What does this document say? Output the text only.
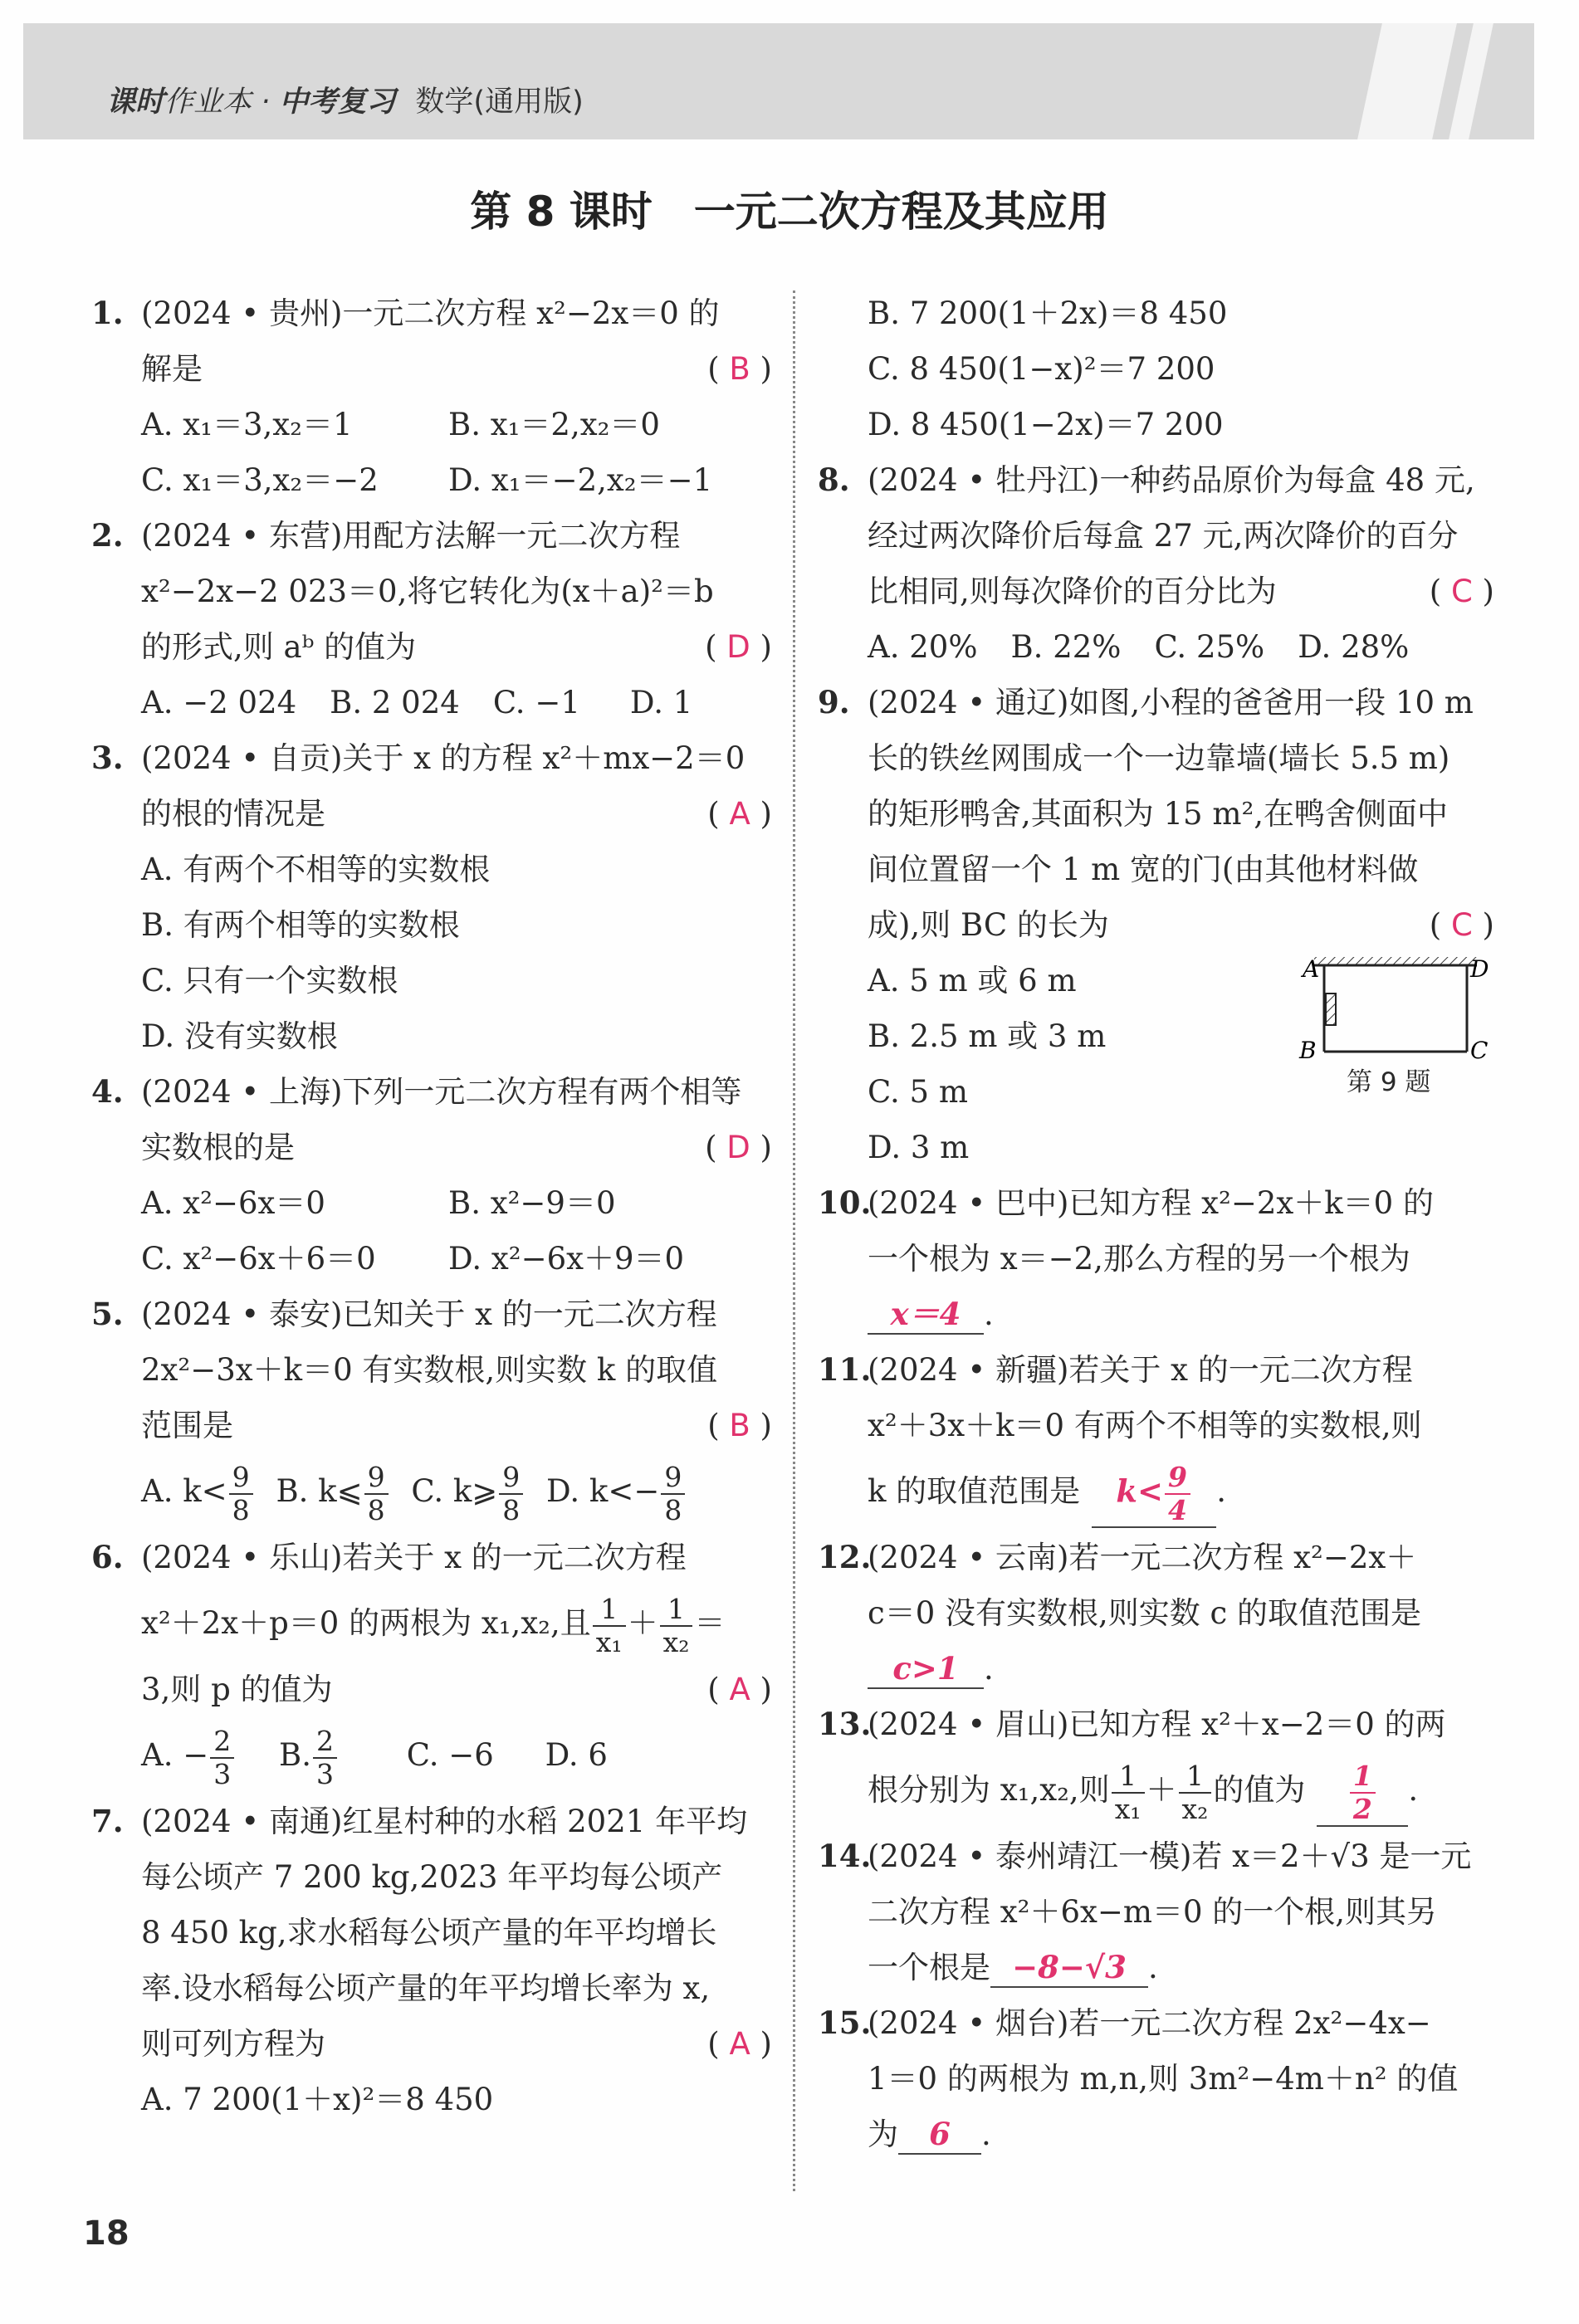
课时作业本 · 中考复习 数学(通用版)
第 8 课时　一元二次方程及其应用
1. (2024 • 贵州)一元二次方程 x²−2x＝0 的
解是	( B )
A. x₁＝3,x₂＝1	B. x₁＝2,x₂＝0
C. x₁＝3,x₂＝−2 D. x₁＝−2,x₂＝−1
2. (2024 • 东营)用配方法解一元二次方程
x²−2x−2 023＝0,将它转化为(x＋a)²＝b
的形式,则 aᵇ 的值为	( D )
A. −2 024 B. 2 024 C. −1 D. 1
3. (2024 • 自贡)关于 x 的方程 x²＋mx−2＝0
的根的情况是	( A )
A. 有两个不相等的实数根
B. 有两个相等的实数根
C. 只有一个实数根
D. 没有实数根
4. (2024 • 上海)下列一元二次方程有两个相等
实数根的是	( D )
A. x²−6x＝0	B. x²−9＝0
C. x²−6x＋6＝0 D. x²−6x＋9＝0
5. (2024 • 泰安)已知关于 x 的一元二次方程
2x²−3x＋k＝0 有实数根,则实数 k 的取值
范围是	( B )
A. $k< \frac{9}{8} B$. k⩽ $\frac{9}{8} C$. k⩾ $\frac{9}{8} D$. $k<- \frac{9}{8}$
6. (2024 • 乐山)若关于 x 的一元二次方程
x²＋2x＋p＝0 的两根为 x₁,x₂,且 $\frac{1}{\text{x₁}} + \frac{1}{\text{x₂}}$ ＝
3,则 p 的值为	( A )
A. − $\frac{2}{3} B$. $\frac{2}{3} C$. −6 D. 6
7. (2024 • 南通)红星村种的水稻 2021 年平均
每公顷产 7 200 kg,2023 年平均每公顷产
8 450 kg,求水稻每公顷产量的年平均增长
率.设水稻每公顷产量的年平均增长率为 x,
则可列方程为	( A )
A. 7 200(1＋x)²＝8 450
B. 7 200(1＋2x)＝8 450
C. 8 450(1−x)²＝7 200
D. 8 450(1−2x)＝7 200
8. (2024 • 牡丹江)一种药品原价为每盒 48 元,
经过两次降价后每盒 27 元,两次降价的百分
比相同,则每次降价的百分比为	( C )
A. 20% B. 22% C. 25% D. 28%
9. (2024 • 通辽)如图,小程的爸爸用一段 10 m
长的铁丝网围成一个一边靠墙(墙长 5.5 m)
的矩形鸭舍,其面积为 15 m²,在鸭舍侧面中
间位置留一个 1 m 宽的门(由其他材料做
成),则 BC 的长为	( C )
A. 5 m 或 6 m
B. 2.5 m 或 3 m
C. 5 m
D. 3 m
10.
(2024 • 巴中)已知方程 x²−2x＋k＝0 的
一个根为 x＝−2,那么方程的另一个根为
x＝4 .
11.
(2024 • 新疆)若关于 x 的一元二次方程
x²＋3x＋k＝0 有两个不相等的实数根,则
k 的取值范围是 $k< \frac{9}{4}$ .
12.
(2024 • 云南)若一元二次方程 x²−2x＋
c＝0 没有实数根,则实数 c 的取值范围是
c>1 .
13.
(2024 • 眉山)已知方程 x²＋x−2＝0 的两
根分别为 x₁,x₂,则 $\frac{1}{\text{x₁}} + \frac{1}{\text{x₂}}$ 的值为 $\frac{1}{2}$ .
14.
(2024 • 泰州靖江一模)若 x＝2＋√3 是一元
二次方程 x²＋6x−m＝0 的一个根,则其另
一个根是 −8−√3 .
15.
(2024 • 烟台)若一元二次方程 2x²−4x−
1＝0 的两根为 m,n,则 3m²−4m＋n² 的值
为 6 .
A	D
B	C
第 9 题
18
